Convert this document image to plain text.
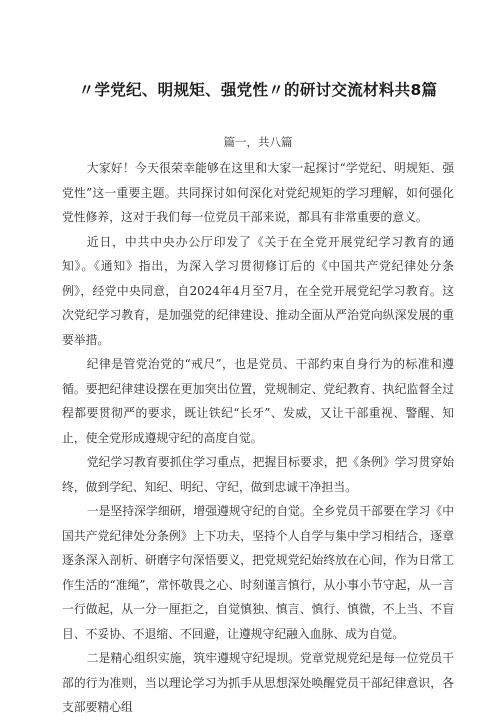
〃学党纪、明规矩、强党性〃的研讨交流材料共8篇
篇一，共八篇

大家好！今天很荣幸能够在这里和大家一起探讨“学党纪、明规矩、强党性”这一重要主题。共同探讨如何深化对党纪规矩的学习理解，如何强化党性修养，这对于我们每一位党员干部来说，都具有非常重要的意义。

近日，中共中央办公厅印发了《关于在全党开展党纪学习教育的通知》。《通知》指出，为深入学习贯彻修订后的《中国共产党纪律处分条例》，经党中央同意，自2024年4月至7月，在全党开展党纪学习教育。这次党纪学习教育，是加强党的纪律建设、推动全面从严治党向纵深发展的重要举措。

纪律是管党治党的“戒尺”，也是党员、干部约束自身行为的标准和遵循。要把纪律建设摆在更加突出位置，党规制定、党纪教育、执纪监督全过程都要贯彻严的要求，既让铁纪“长牙”、发威，又让干部重视、警醒、知止，使全党形成遵规守纪的高度自觉。

党纪学习教育要抓住学习重点，把握目标要求，把《条例》学习贯穿始终，做到学纪、知纪、明纪、守纪，做到忠诚干净担当。

一是坚持深学细研，增强遵规守纪的自觉。全乡党员干部要在学习《中国共产党纪律处分条例》上下功夫，坚持个人自学与集中学习相结合，逐章逐条深入剖析、研磨字句深悟要义，把党规党纪始终放在心间，作为日常工作生活的“准绳”，常怀敬畏之心、时刻谨言慎行，从小事小节守起，从一言一行做起，从一分一厘拒之，自觉慎独、慎言、慎行、慎微，不上当、不盲目、不妥协、不退缩、不回避，让遵规守纪融入血脉、成为自觉。

二是精心组织实施，筑牢遵规守纪堤坝。党章党规党纪是每一位党员干部的行为准则，当以理论学习为抓手从思想深处唤醒党员干部纪律意识，各支部要精心组
